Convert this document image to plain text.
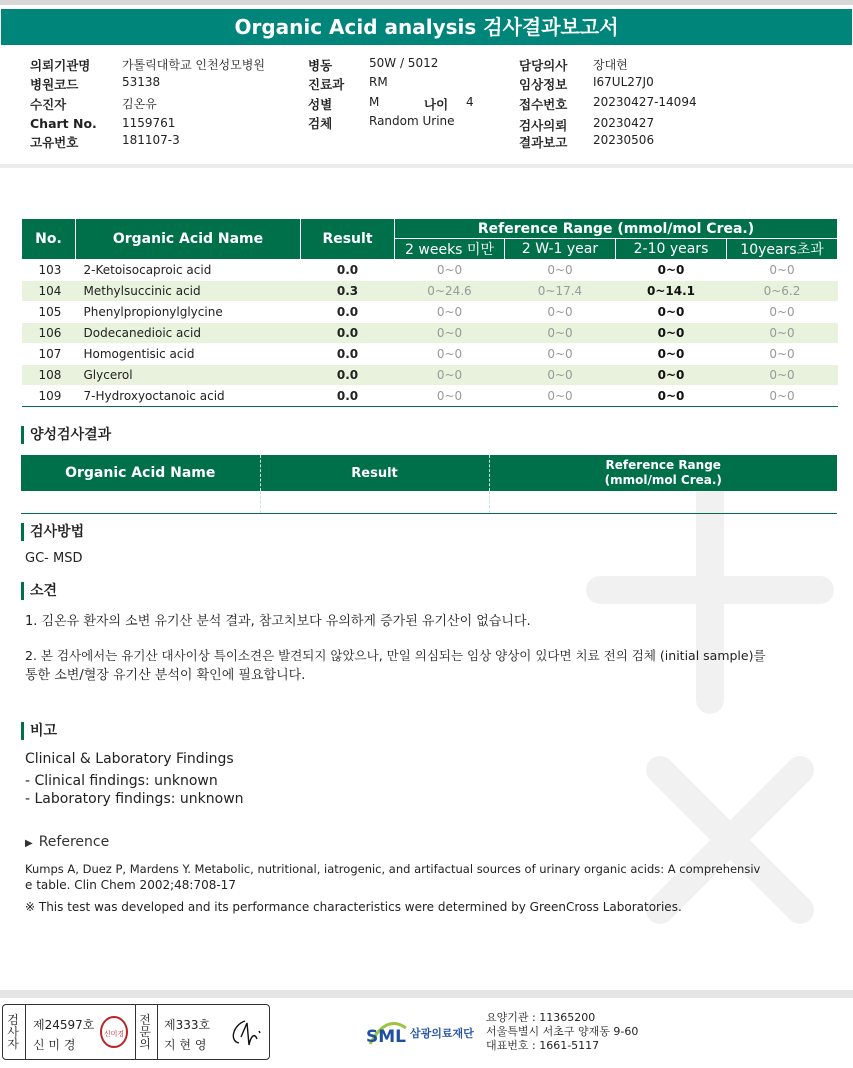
Organic Acid analysis 검사결과보고서
의뢰기관명	가톨릭대학교 인천성모병원
병원코드	53138
수진자	김온유
Chart No. 1159761
고유번호	181107-3
병동	50W / 5012
진료과 RM
성별	M	나이 4
검체	Random Urine
담당의사 장대현
임상정보 I67UL27J0
접수번호 20230427-14094
검사의뢰 20230427
결과보고 20230506
No.	Organic Acid Name	Result	Reference Range (mmol/mol Crea.)			
			2 weeks 미만	2 W-1 year	2-10 years	10years초과
103	2-Ketoisocaproic acid	0.0	0~0	0~0	0~0	0~0
104	Methylsuccinic acid	0.3	0~24.6	0~17.4	0~14.1	0~6.2
105	Phenylpropionylglycine	0.0	0~0	0~0	0~0	0~0
106	Dodecanedioic acid	0.0	0~0	0~0	0~0	0~0
107	Homogentisic acid	0.0	0~0	0~0	0~0	0~0
108	Glycerol	0.0	0~0	0~0	0~0	0~0
109	7-Hydroxyoctanoic acid	0.0	0~0	0~0	0~0	0~0
양성검사결과
Organic Acid Name	Result	Reference Range
(mmol/mol Crea.)

검사방법
GC- MSD
소견
1. 김온유 환자의 소변 유기산 분석 결과, 참고치보다 유의하게 증가된 유기산이 없습니다.
2. 본 검사에서는 유기산 대사이상 특이소견은 발견되지 않았으나, 만일 의심되는 임상 양상이 있다면 치료 전의 검체 (initial sample)를
통한 소변/혈장 유기산 분석이 확인에 필요합니다.
비고
Clinical & Laboratory Findings
- Clinical findings: unknown
- Laboratory findings: unknown
▶ Reference
Kumps A, Duez P, Mardens Y. Metabolic, nutritional, iatrogenic, and artifactual sources of urinary organic acids: A comprehensiv
e table. Clin Chem 2002;48:708-17
※ This test was developed and its performance characteristics were determined by GreenCross Laboratories.
검사자
제24597호
신 미 경
신미경
전문의
제333호
지 현 영	SML 삼광의료재단
요양기관 : 11365200
서울특별시 서초구 양재동 9-60
대표번호 : 1661-5117
